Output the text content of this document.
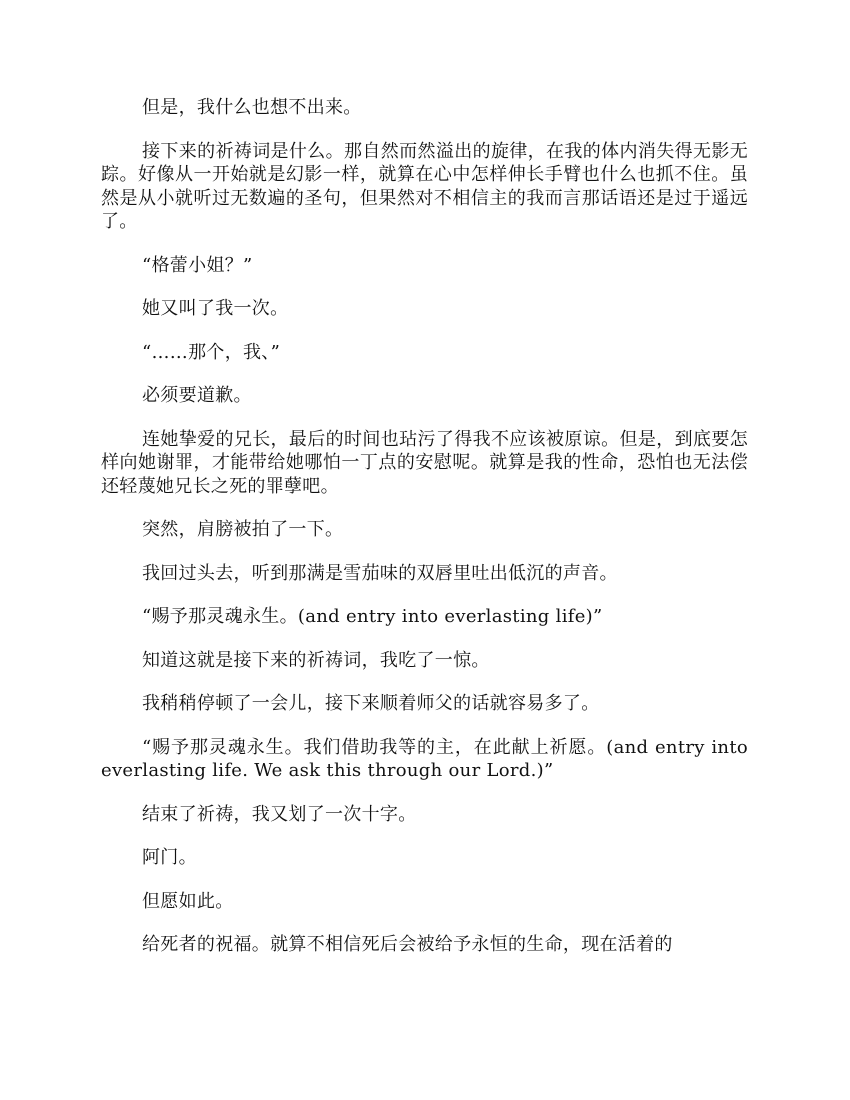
但是，我什么也想不出来。

接下来的祈祷词是什么。那自然而然溢出的旋律，在我的体内消失得无影无踪。好像从一开始就是幻影一样，就算在心中怎样伸长手臂也什么也抓不住。虽然是从小就听过无数遍的圣句，但果然对不相信主的我而言那话语还是过于遥远了。

“格蕾小姐？”

她又叫了我一次。

“……那个，我、”

必须要道歉。

连她挚爱的兄长，最后的时间也玷污了得我不应该被原谅。但是，到底要怎样向她谢罪，才能带给她哪怕一丁点的安慰呢。就算是我的性命，恐怕也无法偿还轻蔑她兄长之死的罪孽吧。

突然，肩膀被拍了一下。

我回过头去，听到那满是雪茄味的双唇里吐出低沉的声音。

“赐予那灵魂永生。(and entry into everlasting life)”

知道这就是接下来的祈祷词，我吃了一惊。

我稍稍停顿了一会儿，接下来顺着师父的话就容易多了。

“赐予那灵魂永生。我们借助我等的主，在此献上祈愿。(and entry into everlasting life. We ask this through our Lord.)”

结束了祈祷，我又划了一次十字。

阿门。

但愿如此。

给死者的祝福。就算不相信死后会被给予永恒的生命，现在活着的
